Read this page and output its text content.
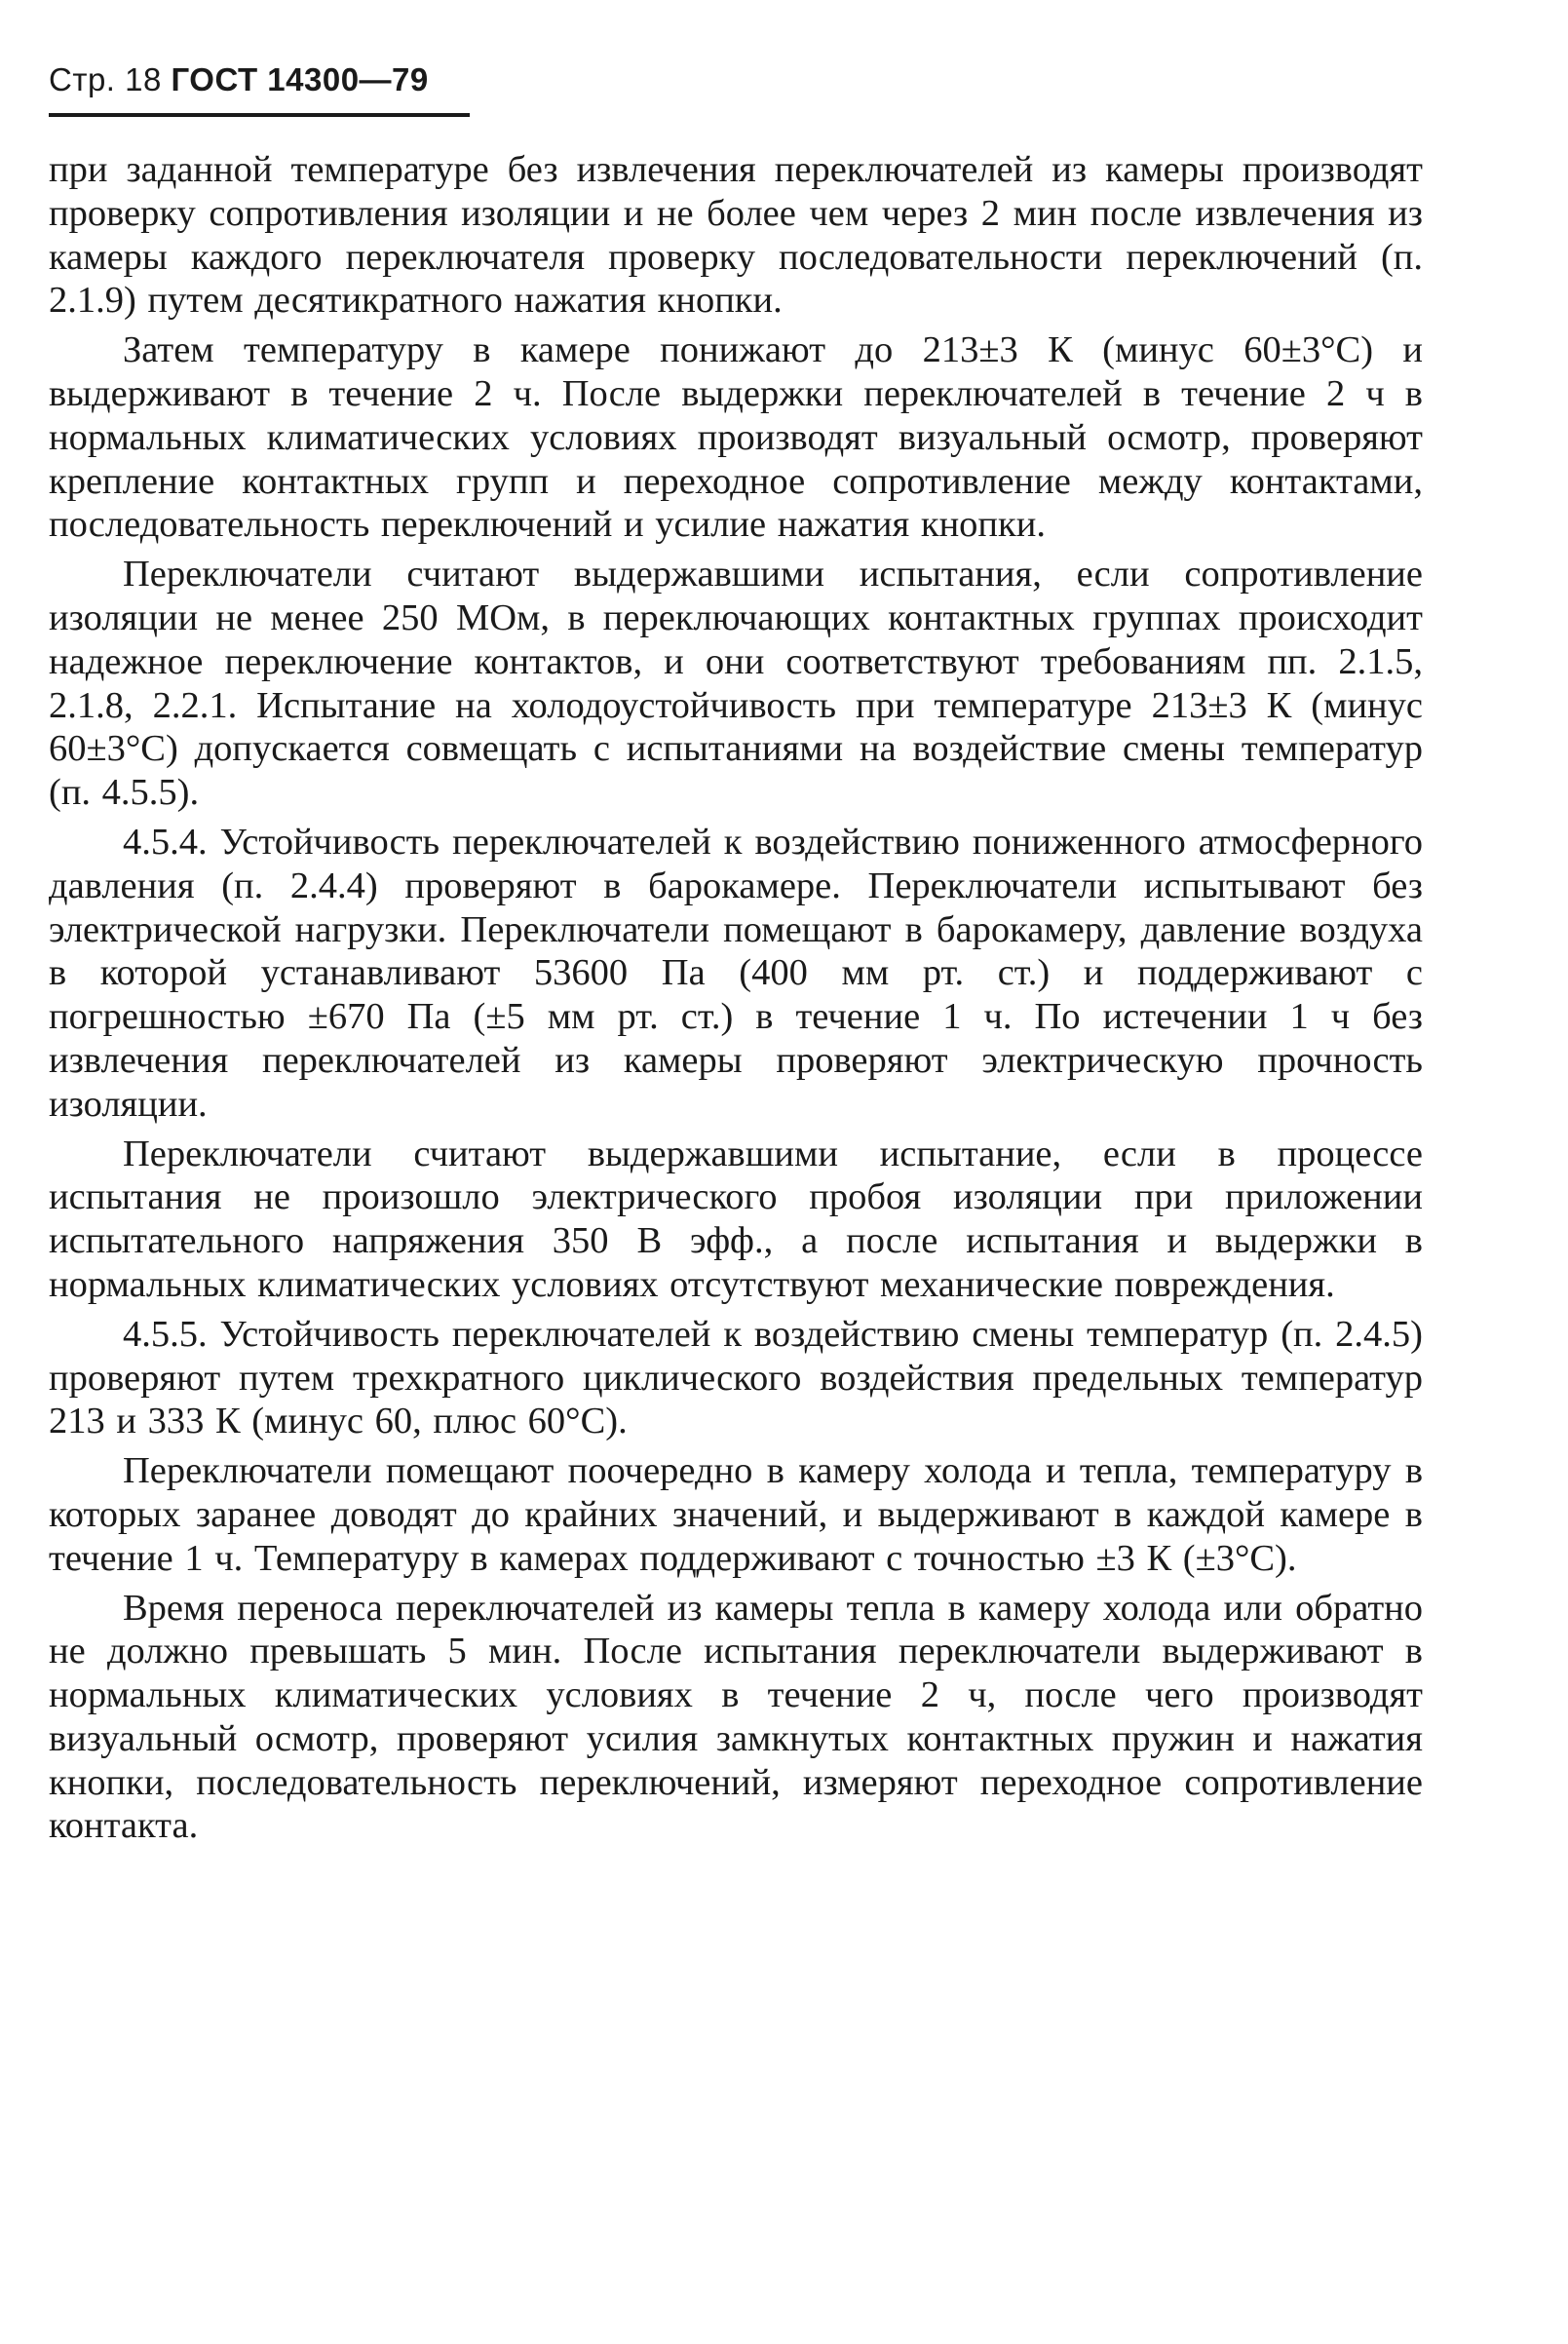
Стр. 18 ГОСТ 14300—79

при заданной температуре без извлечения переключателей из камеры производят проверку сопротивления изоляции и не более чем через 2 мин после извлечения из камеры каждого переключателя проверку последовательности переключений (п. 2.1.9) путем десятикратного нажатия кнопки.

Затем температуру в камере понижают до 213±3 К (минус 60±3°С) и выдерживают в течение 2 ч. После выдержки переключателей в течение 2 ч в нормальных климатических условиях производят визуальный осмотр, проверяют крепление контактных групп и переходное сопротивление между контактами, последовательность переключений и усилие нажатия кнопки.

Переключатели считают выдержавшими испытания, если сопротивление изоляции не менее 250 МОм, в переключающих контактных группах происходит надежное переключение контактов, и они соответствуют требованиям пп. 2.1.5, 2.1.8, 2.2.1. Испытание на холодоустойчивость при температуре 213±3 К (минус 60±3°С) допускается совмещать с испытаниями на воздействие смены температур (п. 4.5.5).

4.5.4. Устойчивость переключателей к воздействию пониженного атмосферного давления (п. 2.4.4) проверяют в барокамере. Переключатели испытывают без электрической нагрузки. Переключатели помещают в барокамеру, давление воздуха в которой устанавливают 53600 Па (400 мм рт. ст.) и поддерживают с погрешностью ±670 Па (±5 мм рт. ст.) в течение 1 ч. По истечении 1 ч без извлечения переключателей из камеры проверяют электрическую прочность изоляции.

Переключатели считают выдержавшими испытание, если в процессе испытания не произошло электрического пробоя изоляции при приложении испытательного напряжения 350 В эфф., а после испытания и выдержки в нормальных климатических условиях отсутствуют механические повреждения.

4.5.5. Устойчивость переключателей к воздействию смены температур (п. 2.4.5) проверяют путем трехкратного циклического воздействия предельных температур 213 и 333 К (минус 60, плюс 60°С).

Переключатели помещают поочередно в камеру холода и тепла, температуру в которых заранее доводят до крайних значений, и выдерживают в каждой камере в течение 1 ч. Температуру в камерах поддерживают с точностью ±3 К (±3°С).

Время переноса переключателей из камеры тепла в камеру холода или обратно не должно превышать 5 мин. После испытания переключатели выдерживают в нормальных климатических условиях в течение 2 ч, после чего производят визуальный осмотр, проверяют усилия замкнутых контактных пружин и нажатия кнопки, последовательность переключений, измеряют переходное сопротивление контакта.
